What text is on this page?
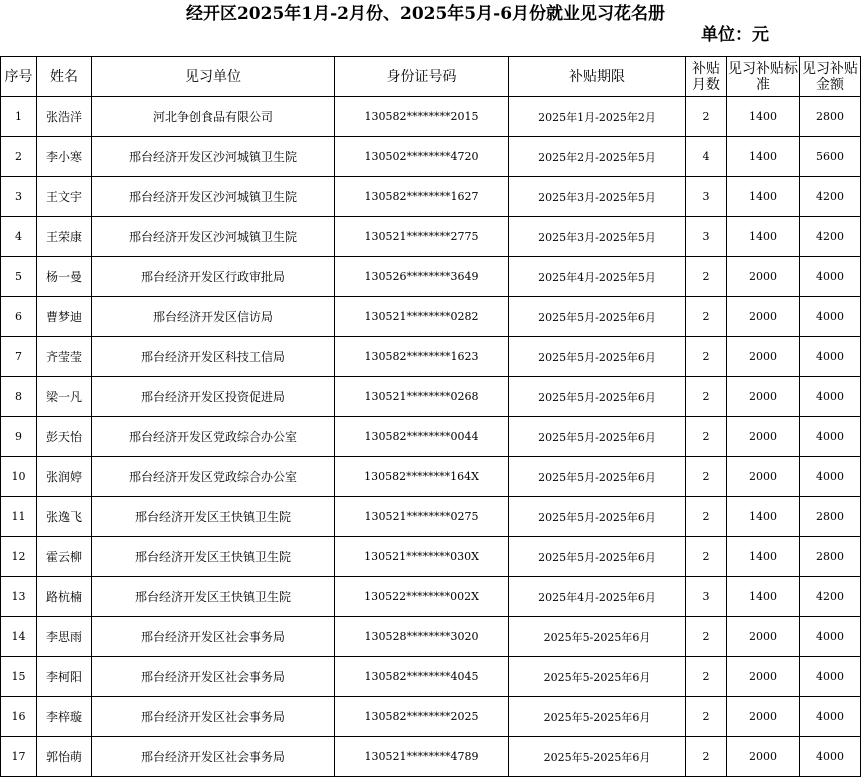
经开区2025年1月-2月份、2025年5月-6月份就业见习花名册
单位：元
序号	姓名	见习单位	身份证号码	补贴期限	补贴月数	见习补贴标准	见习补贴金额
1	张浩洋	河北争创食品有限公司	130582********2015	2025年1月-2025年2月	2	1400	2800
2	李小寒	邢台经济开发区沙河城镇卫生院	130502********4720	2025年2月-2025年5月	4	1400	5600
3	王文宇	邢台经济开发区沙河城镇卫生院	130582********1627	2025年3月-2025年5月	3	1400	4200
4	王荣康	邢台经济开发区沙河城镇卫生院	130521********2775	2025年3月-2025年5月	3	1400	4200
5	杨一曼	邢台经济开发区行政审批局	130526********3649	2025年4月-2025年5月	2	2000	4000
6	曹梦迪	邢台经济开发区信访局	130521********0282	2025年5月-2025年6月	2	2000	4000
7	齐莹莹	邢台经济开发区科技工信局	130582********1623	2025年5月-2025年6月	2	2000	4000
8	梁一凡	邢台经济开发区投资促进局	130521********0268	2025年5月-2025年6月	2	2000	4000
9	彭天怡	邢台经济开发区党政综合办公室	130582********0044	2025年5月-2025年6月	2	2000	4000
10	张润婷	邢台经济开发区党政综合办公室	130582********164X	2025年5月-2025年6月	2	2000	4000
11	张逸飞	邢台经济开发区王快镇卫生院	130521********0275	2025年5月-2025年6月	2	1400	2800
12	霍云柳	邢台经济开发区王快镇卫生院	130521********030X	2025年5月-2025年6月	2	1400	2800
13	路杭楠	邢台经济开发区王快镇卫生院	130522********002X	2025年4月-2025年6月	3	1400	4200
14	李思雨	邢台经济开发区社会事务局	130528********3020	2025年5-2025年6月	2	2000	4000
15	李柯阳	邢台经济开发区社会事务局	130582********4045	2025年5-2025年6月	2	2000	4000
16	李梓璇	邢台经济开发区社会事务局	130582********2025	2025年5-2025年6月	2	2000	4000
17	郭怡萌	邢台经济开发区社会事务局	130521********4789	2025年5-2025年6月	2	2000	4000
